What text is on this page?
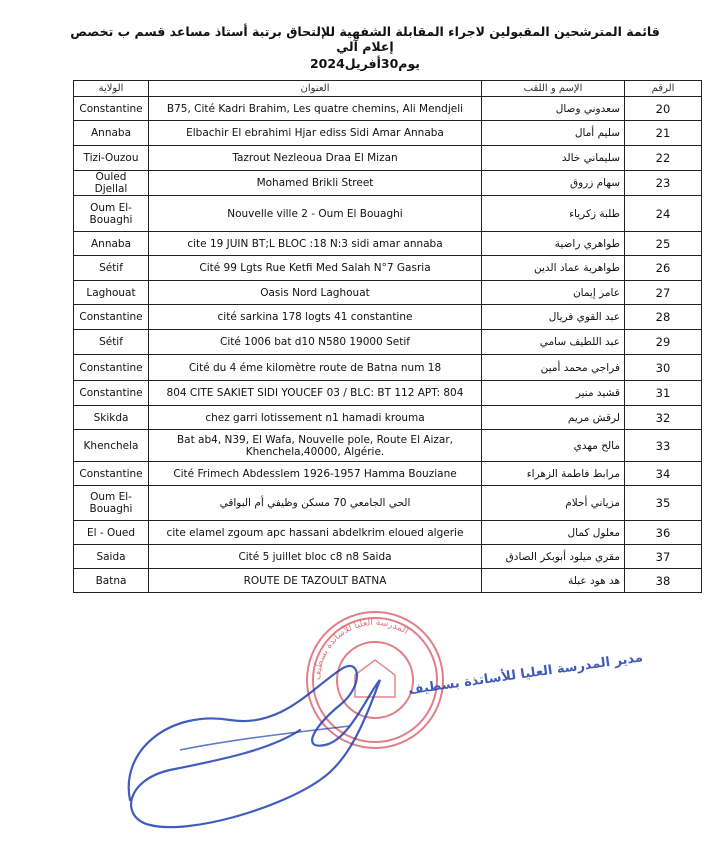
قائمة المترشحين المقبولين لاجراء المقابلة الشفهية للإلتحاق برتبة أستاذ مساعد قسم ب تخصص إعلام آلي
يوم30أفريل2024
الولاية	العنوان	الإسم و اللقب	الرقم
Constantine	B75, Cité Kadri Brahim, Les quatre chemins, Ali Mendjeli	سعدوني وصال	20
Annaba	Elbachir El ebrahimi Hjar ediss Sidi Amar Annaba	سليم أمال	21
Tizi-Ouzou	Tazrout Nezleoua Draa El Mizan	سليماني خالد	22
Ouled Djellal	Mohamed Brikli Street	سهام زروق	23
Oum El-Bouaghi	Nouvelle ville 2 - Oum El Bouaghi	طلبة زكرياء	24
Annaba	cite 19 JUIN BT;L BLOC :18 N:3 sidi amar annaba	طواهري راضية	25
Sétif	Cité 99 Lgts Rue Ketfi Med Salah N°7 Gasria	طواهرية عماد الدين	26
Laghouat	Oasis Nord Laghouat	عامر إيمان	27
Constantine	cité sarkina 178 logts 41 constantine	عبد القوي فريال	28
Sétif	Cité 1006 bat d10 N580 19000 Setif	عبد اللطيف سامي	29
Constantine	Cité du 4 éme kilomètre route de Batna num 18	فراجي محمد أمين	30
Constantine	804 CITE SAKIET SIDI YOUCEF 03 / BLC: BT 112 APT: 804	قشيد منير	31
Skikda	chez garri lotissement n1 hamadi krouma	لرقش مريم	32
Khenchela	Bat ab4, N39, El Wafa, Nouvelle pole, Route El Aizar, Khenchela,40000, Algérie.	مالح مهدي	33
Constantine	Cité Frimech Abdesslem 1926-1957 Hamma Bouziane	مرابط فاطمة الزهراء	34
Oum El-Bouaghi	الحي الجامعي 70 مسكن وظيفي أم البواقي	مزياني أحلام	35
El - Oued	cite elamel zgoum apc hassani abdelkrim eloued algerie	معلول كمال	36
Saida	Cité 5 juillet bloc c8 n8 Saida	مقري ميلود أبوبكر الصادق	37
Batna	ROUTE DE TAZOULT BATNA	هد هود عبلة	38
المدرسة العليا للأساتذة بسطيف
مدير المدرسة العليا للأساتذة بسطيف
